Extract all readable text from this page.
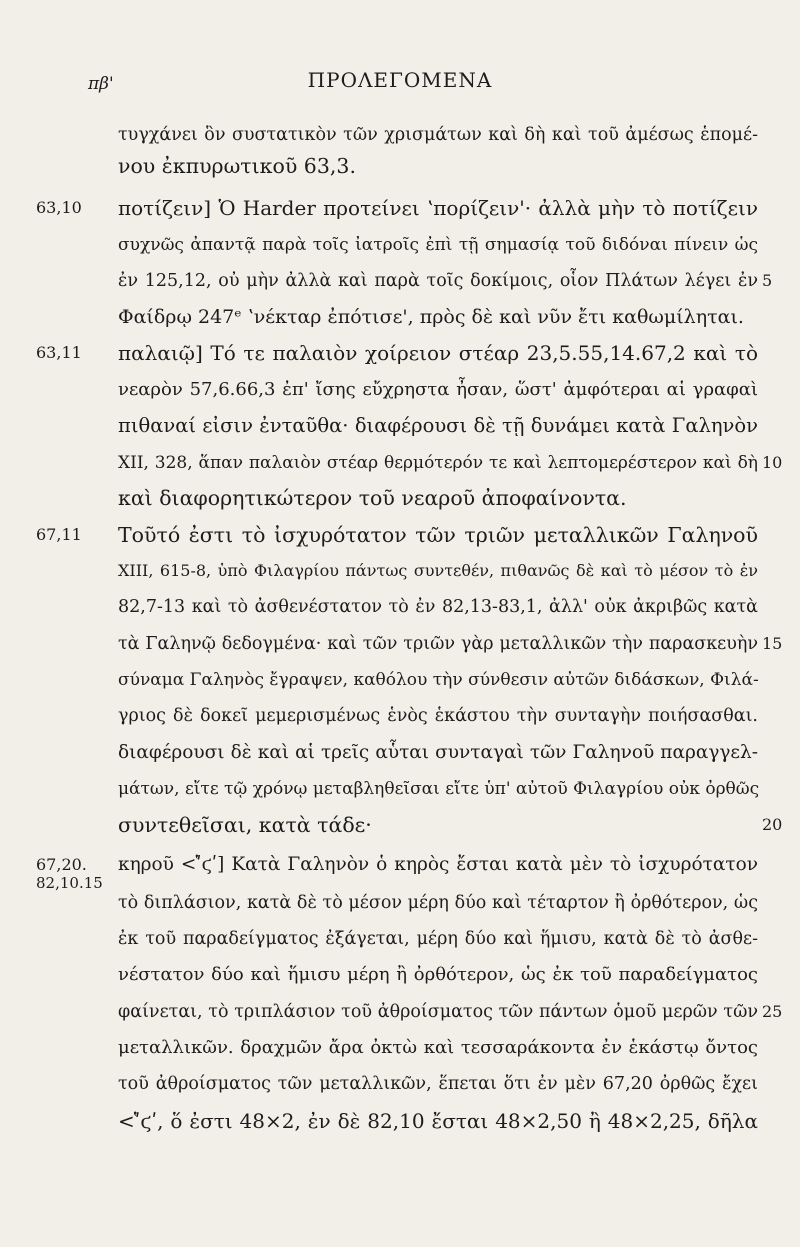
πβ'	ΠΡΟΛΕΓΟΜΕΝΑ
τυγχάνει ὃν συστατικὸν τῶν χρισμάτων καὶ δὴ καὶ τοῦ ἀμέσως ἑπομέ-
νου ἐκπυρωτικοῦ 63,3.
63,10 ποτίζειν] Ὁ Harder προτείνει ʽπορίζειν'· ἀλλὰ μὴν τὸ ποτίζειν
συχνῶς ἀπαντᾷ παρὰ τοῖς ἰατροῖς ἐπὶ τῇ σημασίᾳ τοῦ διδόναι πίνειν ὡς
ἐν 125,12, οὐ μὴν ἀλλὰ καὶ παρὰ τοῖς δοκίμοις, οἷον Πλάτων λέγει ἐν 5
Φαίδρῳ 247ᵉ ʽνέκταρ ἐπότισε', πρὸς δὲ καὶ νῦν ἔτι καθωμίληται.
63,11 παλαιῷ] Τό τε παλαιὸν χοίρειον στέαρ 23,5.55,14.67,2 καὶ τὸ
νεαρὸν 57,6.66,3 ἐπ' ἴσης εὔχρηστα ἦσαν, ὥστ' ἀμφότεραι αἱ γραφαὶ
πιθαναί εἰσιν ἐνταῦθα· διαφέρουσι δὲ τῇ δυνάμει κατὰ Γαληνὸν
XII, 328, ἅπαν παλαιὸν στέαρ θερμότερόν τε καὶ λεπτομερέστερον καὶ δὴ 10
καὶ διαφορητικώτερον τοῦ νεαροῦ ἀποφαίνοντα.
67,11 Τοῦτό ἐστι τὸ ἰσχυρότατον τῶν τριῶν μεταλλικῶν Γαληνοῦ
XIII, 615-8, ὑπὸ Φιλαγρίου πάντως συντεθέν, πιθανῶς δὲ καὶ τὸ μέσον τὸ ἐν
82,7-13 καὶ τὸ ἀσθενέστατον τὸ ἐν 82,13-83,1, ἀλλ' οὐκ ἀκριβῶς κατὰ
τὰ Γαληνῷ δεδογμένα· καὶ τῶν τριῶν γὰρ μεταλλικῶν τὴν παρασκευὴν 15
σύναμα Γαληνὸς ἔγραψεν, καθόλου τὴν σύνθεσιν αὐτῶν διδάσκων, Φιλά-
γριος δὲ δοκεῖ μεμερισμένως ἑνὸς ἑκάστου τὴν συνταγὴν ποιήσασθαι.
διαφέρουσι δὲ καὶ αἱ τρεῖς αὗται συνταγαὶ τῶν Γαληνοῦ παραγγελ-
μάτων, εἴτε τῷ χρόνῳ μεταβληθεῖσαι εἴτε ὑπ' αὐτοῦ Φιλαγρίου οὐκ ὀρθῶς
συντεθεῖσαι, κατὰ τάδε·	20
67,20.
82,10.15
κηροῦ <ʹ̔ϛʹ] Κατὰ Γαληνὸν ὁ κηρὸς ἔσται κατὰ μὲν τὸ ἰσχυρότατον
τὸ διπλάσιον, κατὰ δὲ τὸ μέσον μέρη δύο καὶ τέταρτον ἢ ὀρθότερον, ὡς
ἐκ τοῦ παραδείγματος ἐξάγεται, μέρη δύο καὶ ἥμισυ, κατὰ δὲ τὸ ἀσθε-
νέστατον δύο καὶ ἥμισυ μέρη ἢ ὀρθότερον, ὡς ἐκ τοῦ παραδείγματος
φαίνεται, τὸ τριπλάσιον τοῦ ἀθροίσματος τῶν πάντων ὁμοῦ μερῶν τῶν 25
μεταλλικῶν. δραχμῶν ἄρα ὀκτὼ καὶ τεσσαράκοντα ἐν ἑκάστῳ ὄντος
τοῦ ἀθροίσματος τῶν μεταλλικῶν, ἕπεται ὅτι ἐν μὲν 67,20 ὀρθῶς ἔχει
<ʹ̔ϛʹ, ὅ ἐστι 48×2, ἐν δὲ 82,10 ἔσται 48×2,50 ἢ 48×2,25, δῆλα
